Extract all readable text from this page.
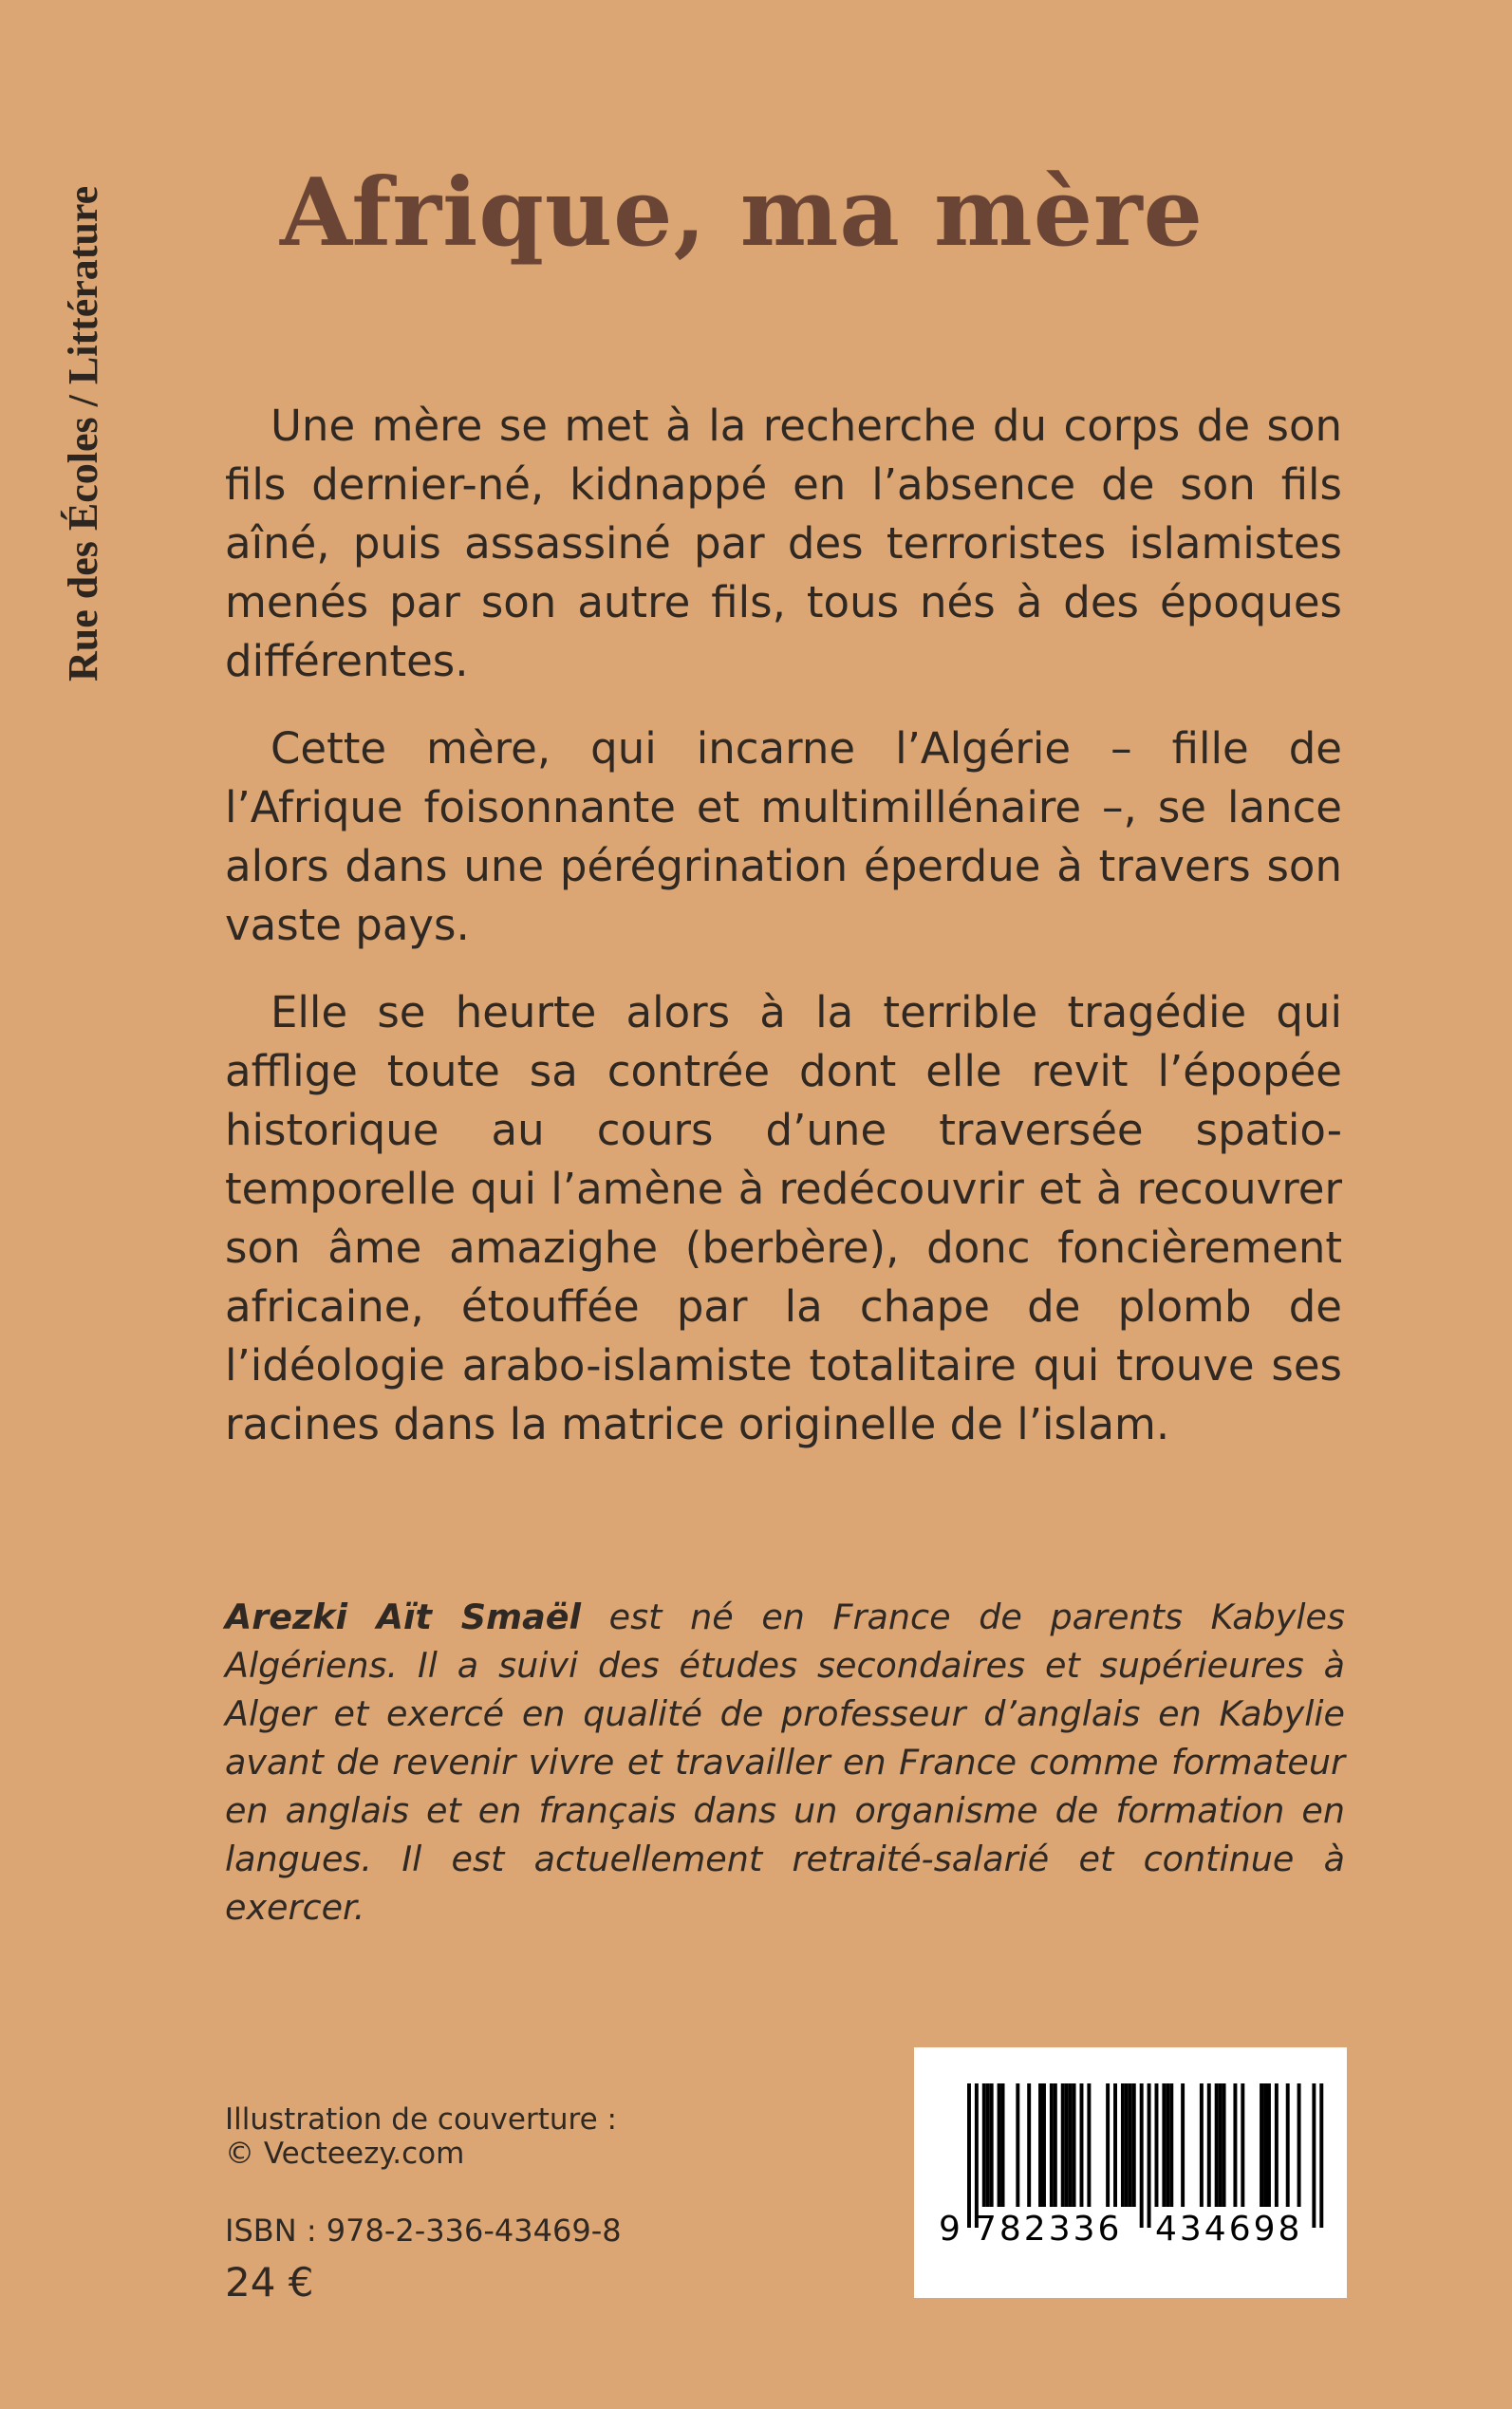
Rue des Écoles / Littérature Afrique, ma mère

Une mère se met à la recherche du corps de son fils dernier-né, kidnappé en l’absence de son fils aîné, puis assassiné par des terroristes islamistes menés par son autre fils, tous nés à des époques différentes.

Cette mère, qui incarne l’Algérie – fille de l’Afrique foisonnante et multimillénaire –, se lance alors dans une pérégrination éperdue à travers son vaste pays.

Elle se heurte alors à la terrible tragédie qui afflige toute sa contrée dont elle revit l’épopée historique au cours d’une traversée spatio-temporelle qui l’amène à redécouvrir et à recouvrer son âme amazighe (berbère), donc foncièrement africaine, étouffée par la chape de plomb de l’idéologie arabo-islamiste totalitaire qui trouve ses racines dans la matrice originelle de l’islam.

Arezki Aït Smaël est né en France de parents Kabyles Algériens. Il a suivi des études secondaires et supérieures à Alger et exercé en qualité de professeur d’anglais en Kabylie avant de revenir vivre et travailler en France comme formateur en anglais et en français dans un organisme de formation en langues. Il est actuellement retraité-salarié et continue à exercer.

Illustration de couverture :
© Vecteezy.com
ISBN : 978-2-336-43469-8
24 €
9 782336 434698
